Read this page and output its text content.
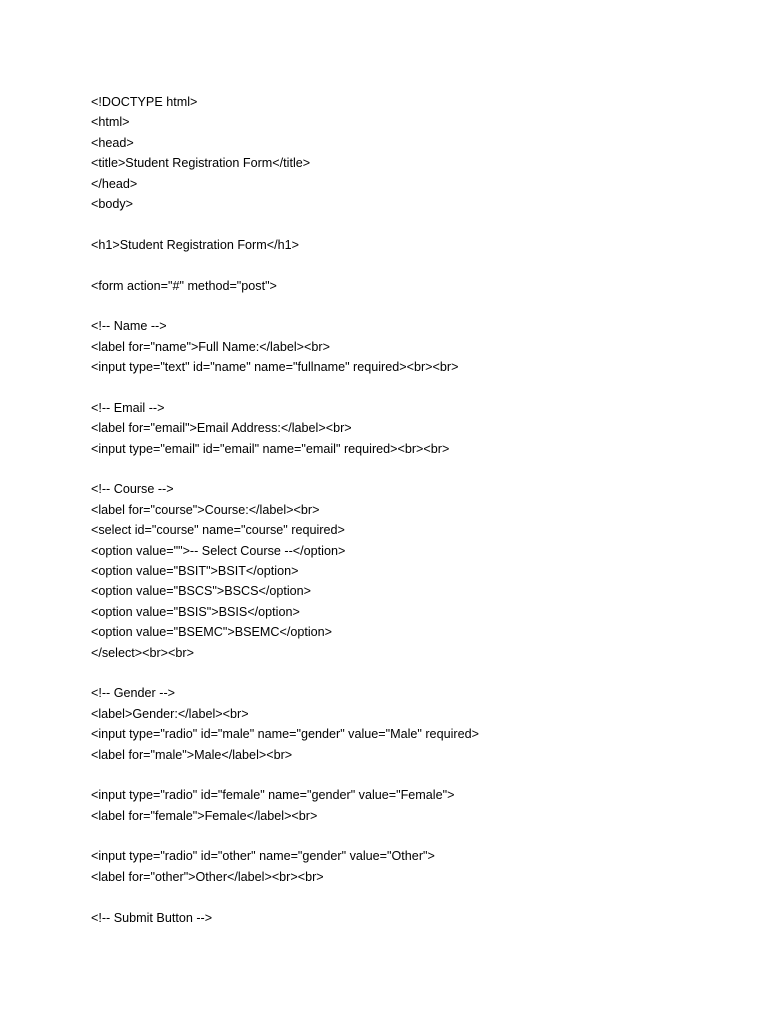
<!DOCTYPE html>
<html>
<head>
<title>Student Registration Form</title>
</head>
<body>
<h1>Student Registration Form</h1>
<form action="#" method="post">
<!-- Name -->
<label for="name">Full Name:</label><br>
<input type="text" id="name" name="fullname" required><br><br>
<!-- Email -->
<label for="email">Email Address:</label><br>
<input type="email" id="email" name="email" required><br><br>
<!-- Course -->
<label for="course">Course:</label><br>
<select id="course" name="course" required>
<option value="">-- Select Course --</option>
<option value="BSIT">BSIT</option>
<option value="BSCS">BSCS</option>
<option value="BSIS">BSIS</option>
<option value="BSEMC">BSEMC</option>
</select><br><br>
<!-- Gender -->
<label>Gender:</label><br>
<input type="radio" id="male" name="gender" value="Male" required>
<label for="male">Male</label><br>
<input type="radio" id="female" name="gender" value="Female">
<label for="female">Female</label><br>
<input type="radio" id="other" name="gender" value="Other">
<label for="other">Other</label><br><br>
<!-- Submit Button -->
